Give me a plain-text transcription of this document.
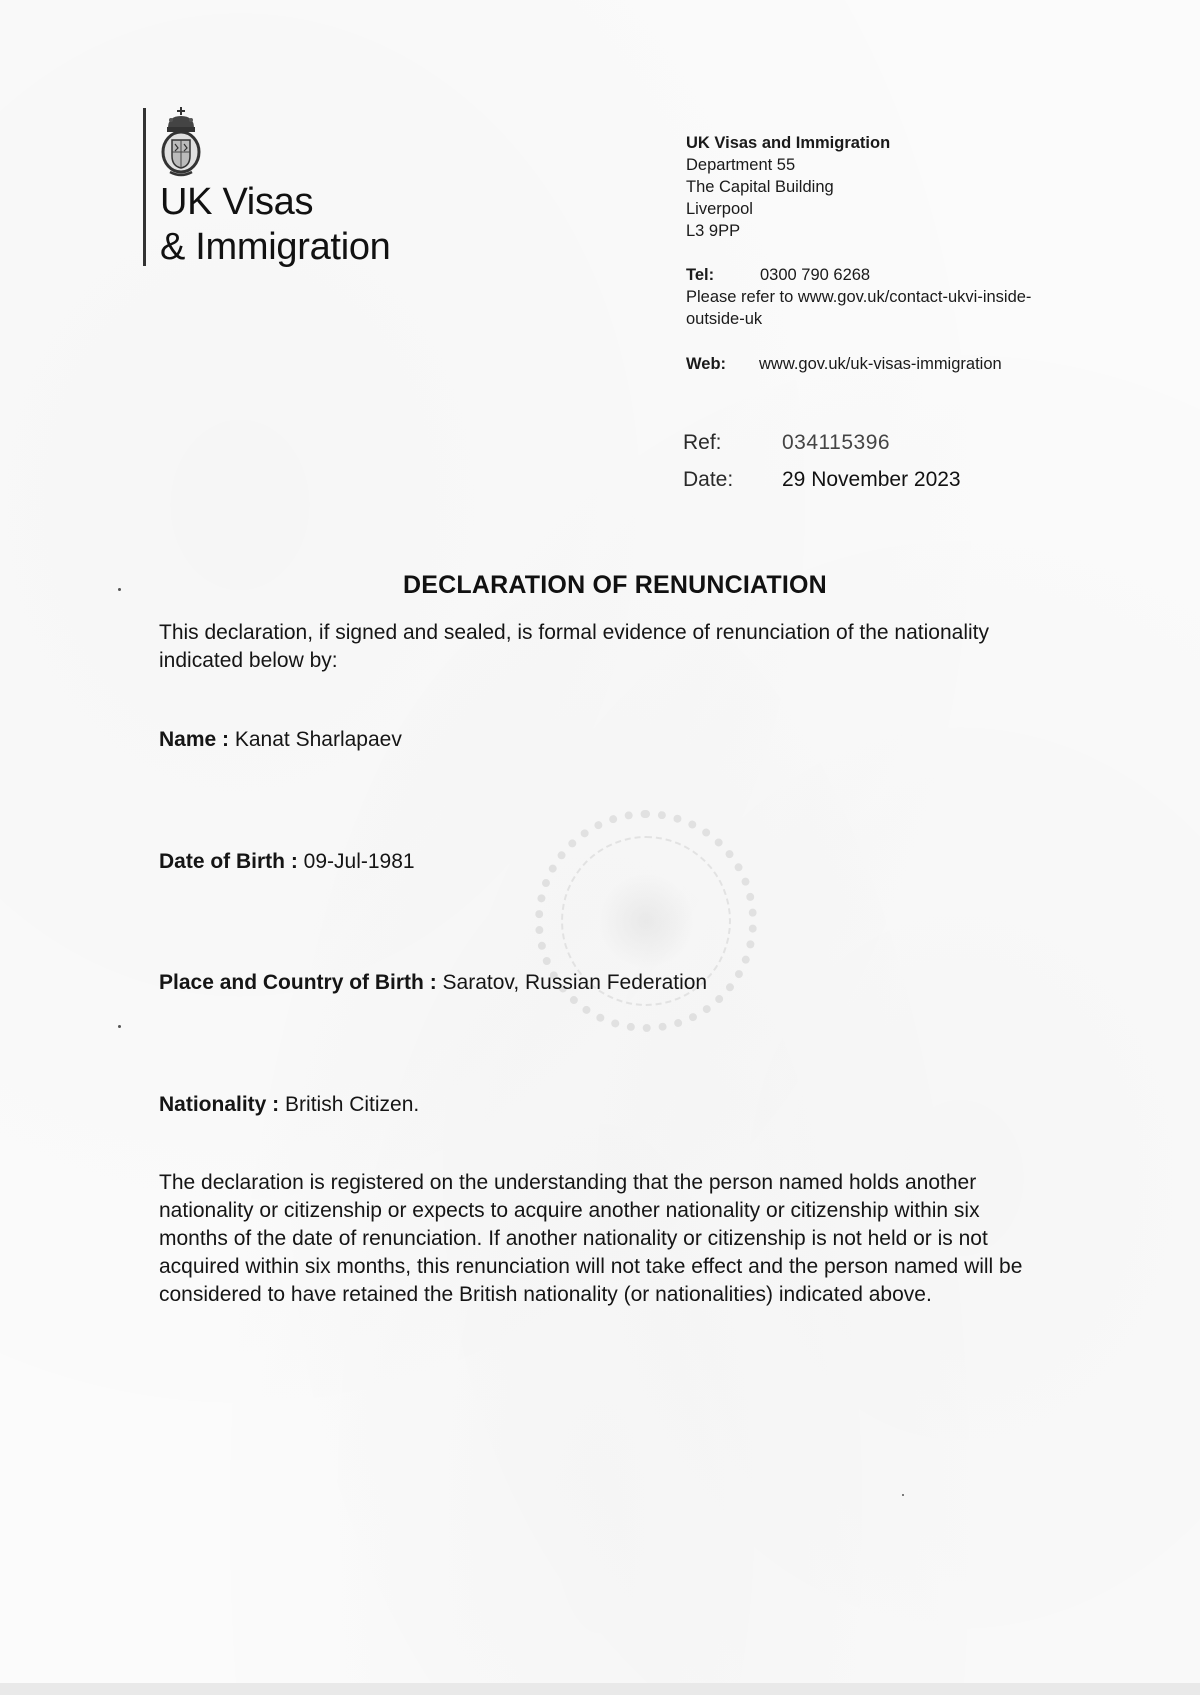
UK Visas
& Immigration
UK Visas and Immigration
Department 55
The Capital Building
Liverpool
L3 9PP
Tel:	0300 790 6268
Please refer to www.gov.uk/contact-ukvi-inside-outside-uk
Web: www.gov.uk/uk-visas-immigration
Ref:	034115396
Date: 29 November 2023
DECLARATION OF RENUNCIATION
This declaration, if signed and sealed, is formal evidence of renunciation of the nationality indicated below by:
Name : Kanat Sharlapaev
Date of Birth : 09-Jul-1981
Place and Country of Birth : Saratov, Russian Federation
Nationality : British Citizen.
The declaration is registered on the understanding that the person named holds another nationality or citizenship or expects to acquire another nationality or citizenship within six months of the date of renunciation. If another nationality or citizenship is not held or is not acquired within six months, this renunciation will not take effect and the person named will be considered to have retained the British nationality (or nationalities) indicated above.
